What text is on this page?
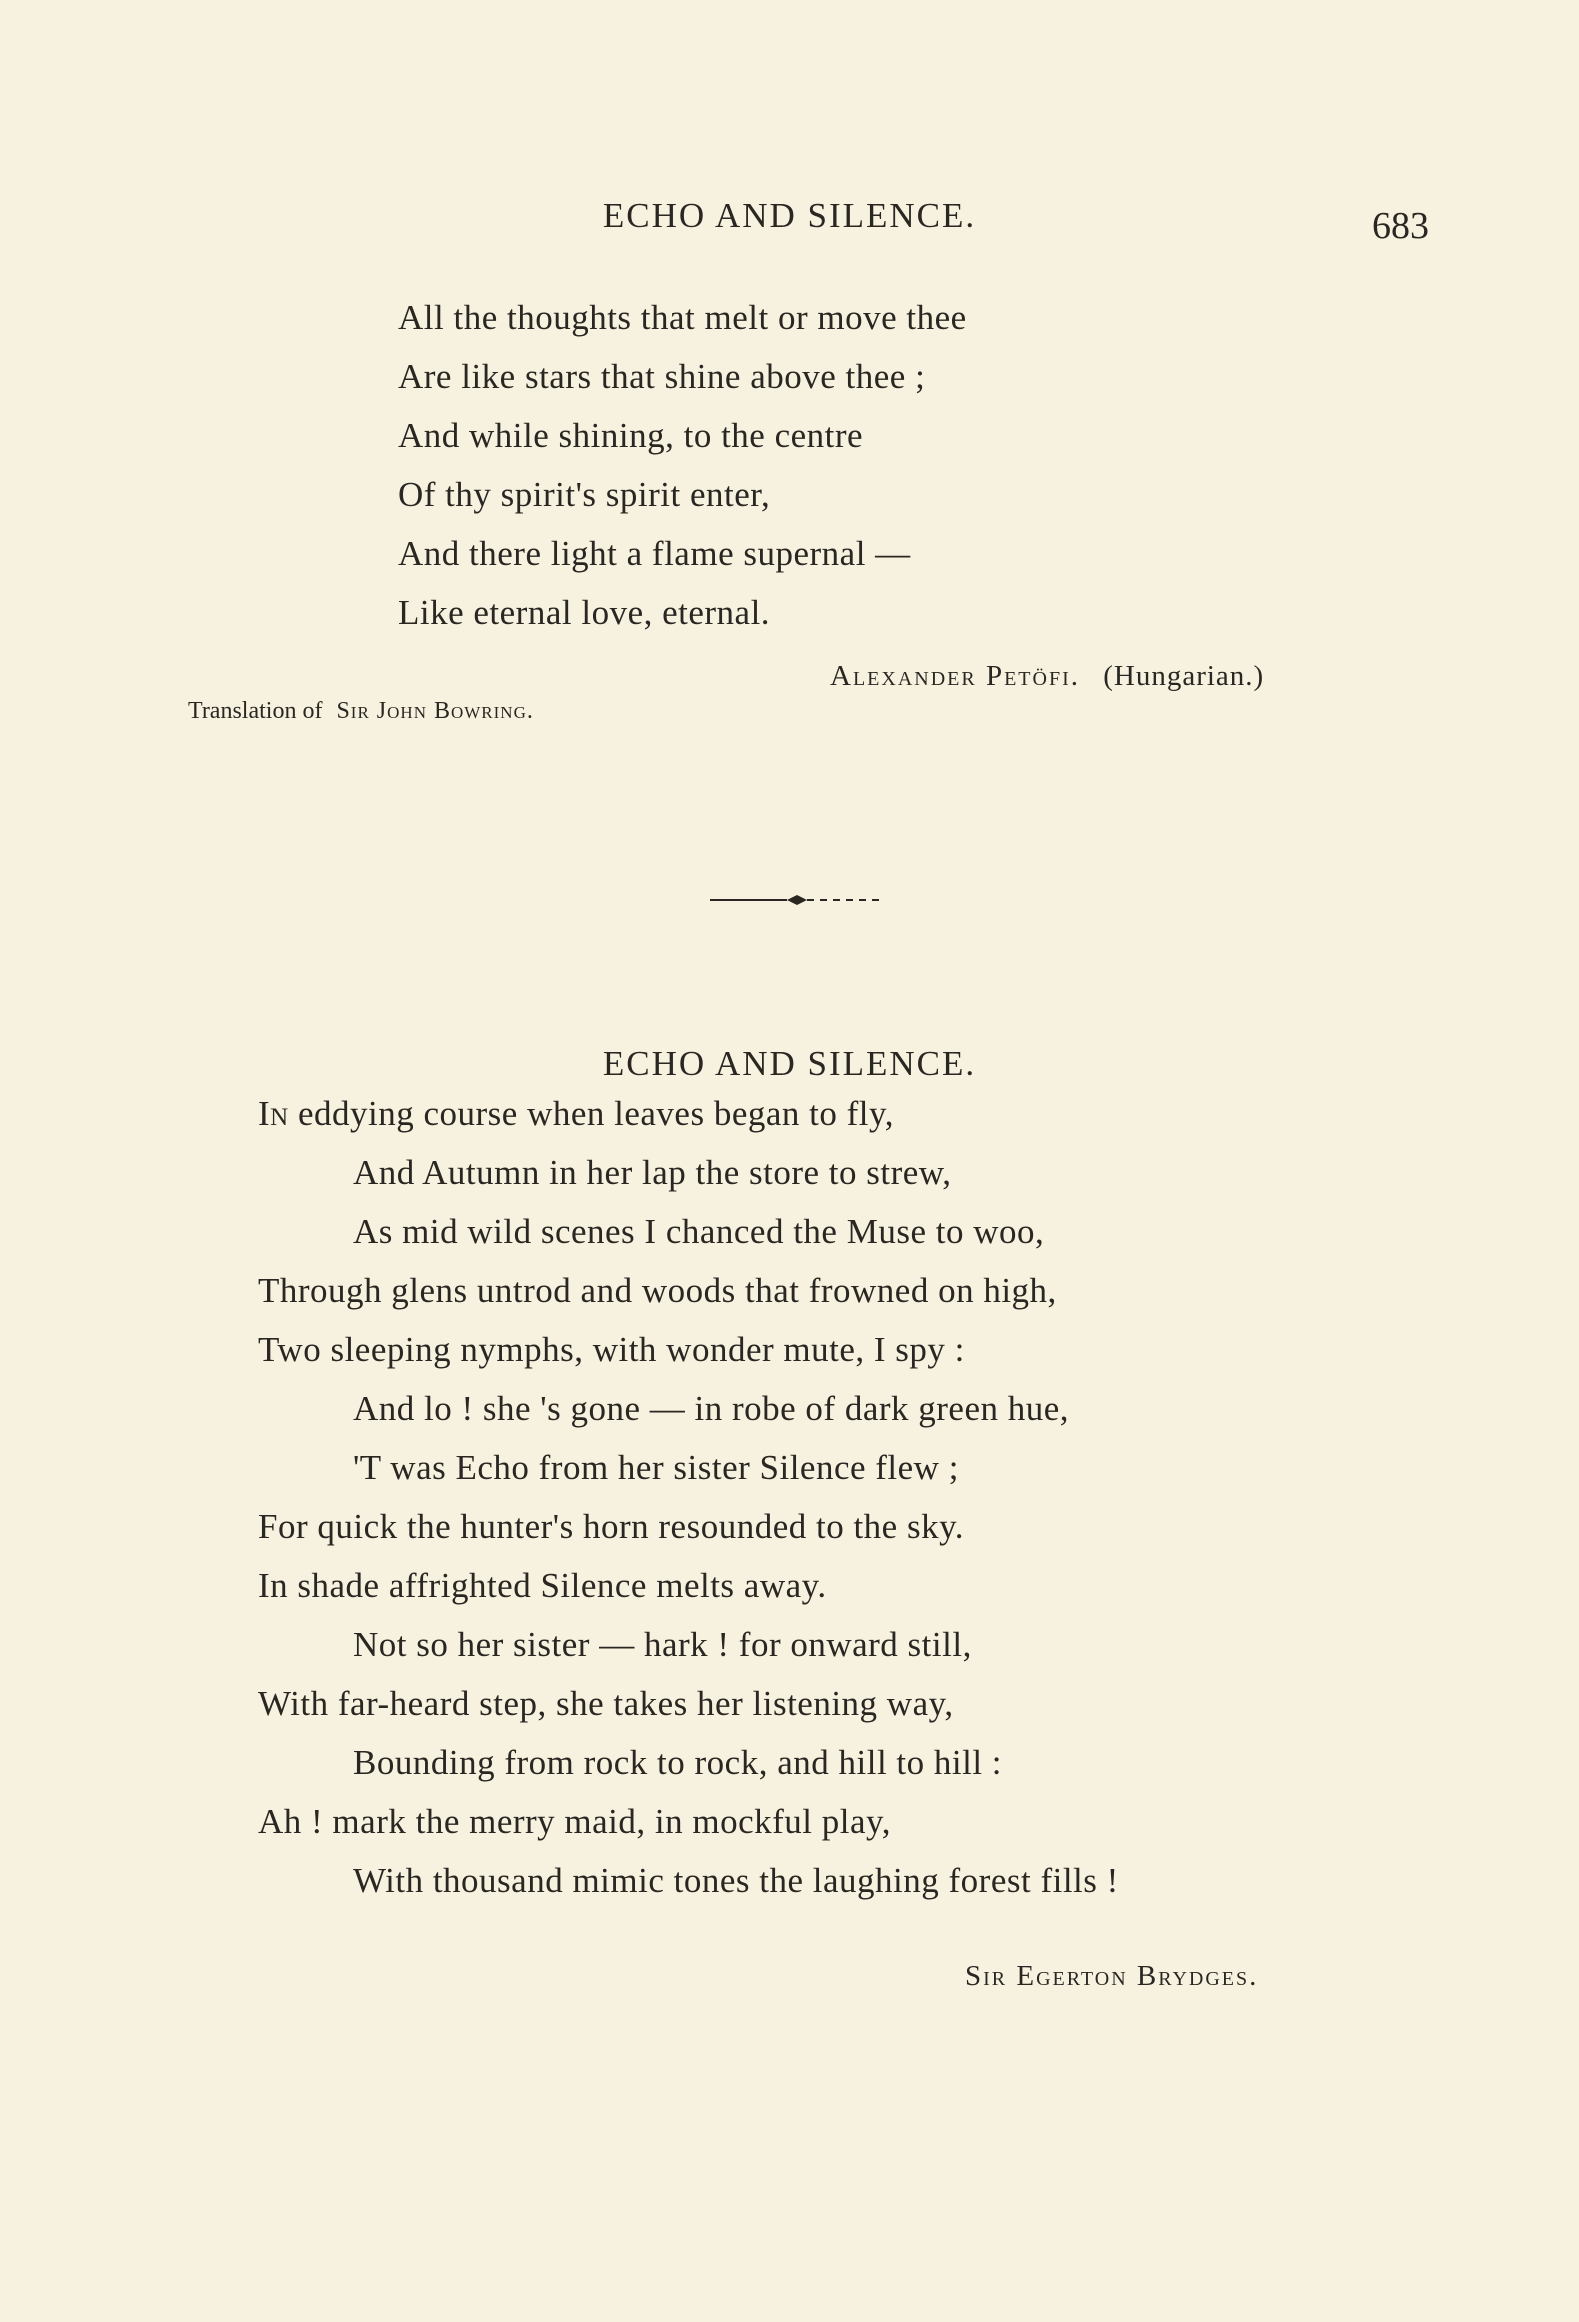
ECHO AND SILENCE.	683
All the thoughts that melt or move thee
Are like stars that shine above thee ;
And while shining, to the centre
Of thy spirit's spirit enter,
And there light a flame supernal —
Like eternal love, eternal.
Alexander Petöfi. (Hungarian.)
Translation of Sir John Bowring.
ECHO AND SILENCE.
In eddying course when leaves began to fly,
And Autumn in her lap the store to strew,
As mid wild scenes I chanced the Muse to woo,
Through glens untrod and woods that frowned on high,
Two sleeping nymphs, with wonder mute, I spy :
And lo ! she 's gone — in robe of dark green hue,
'T was Echo from her sister Silence flew ;
For quick the hunter's horn resounded to the sky.
In shade affrighted Silence melts away.
Not so her sister — hark ! for onward still,
With far-heard step, she takes her listening way,
Bounding from rock to rock, and hill to hill :
Ah ! mark the merry maid, in mockful play,
With thousand mimic tones the laughing forest fills !
Sir Egerton Brydges.
